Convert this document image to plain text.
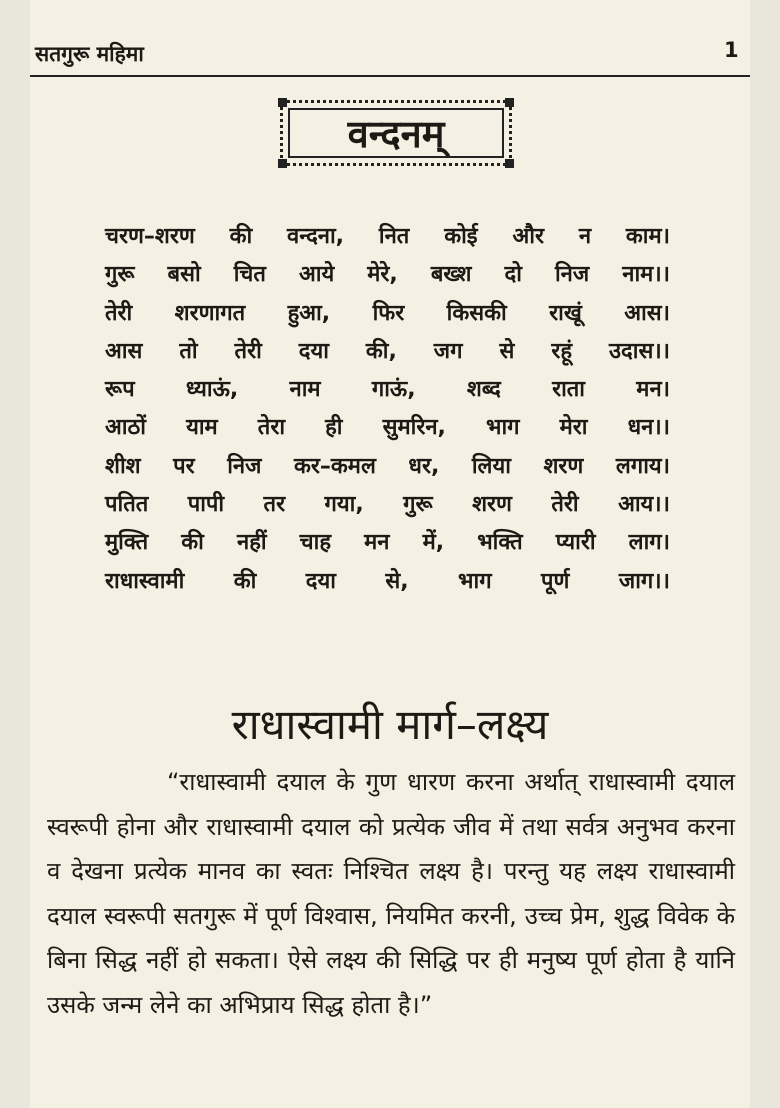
सतगुरू महिमा	1
वन्दनम्
चरण–शरण की वन्दना, नित कोई और न काम।
गुरू बसो चित आये मेरे, बख्श दो निज नाम।।
तेरी शरणागत हुआ, फिर किसकी राखूं आस।
आस तो तेरी दया की, जग से रहूं उदास।।
रूप ध्याऊं, नाम गाऊं, शब्द राता मन।
आठों याम तेरा ही सुमरिन, भाग मेरा धन।।
शीश पर निज कर–कमल धर, लिया शरण लगाय।
पतित पापी तर गया, गुरू शरण तेरी आय।।
मुक्ति की नहीं चाह मन में, भक्ति प्यारी लाग।
राधास्वामी की दया से, भाग पूर्ण जाग।।
राधास्वामी मार्ग–लक्ष्य
“राधास्वामी दयाल के गुण धारण करना अर्थात् राधास्वामी दयाल स्वरूपी होना और राधास्वामी दयाल को प्रत्येक जीव में तथा सर्वत्र अनुभव करना व देखना प्रत्येक मानव का स्वतः निश्चित लक्ष्य है। परन्तु यह लक्ष्य राधास्वामी दयाल स्वरूपी सतगुरू में पूर्ण विश्वास, नियमित करनी, उच्च प्रेम, शुद्ध विवेक के बिना सिद्ध नहीं हो सकता। ऐसे लक्ष्य की सिद्धि पर ही मनुष्य पूर्ण होता है यानि उसके जन्म लेने का अभिप्राय सिद्ध होता है।”
